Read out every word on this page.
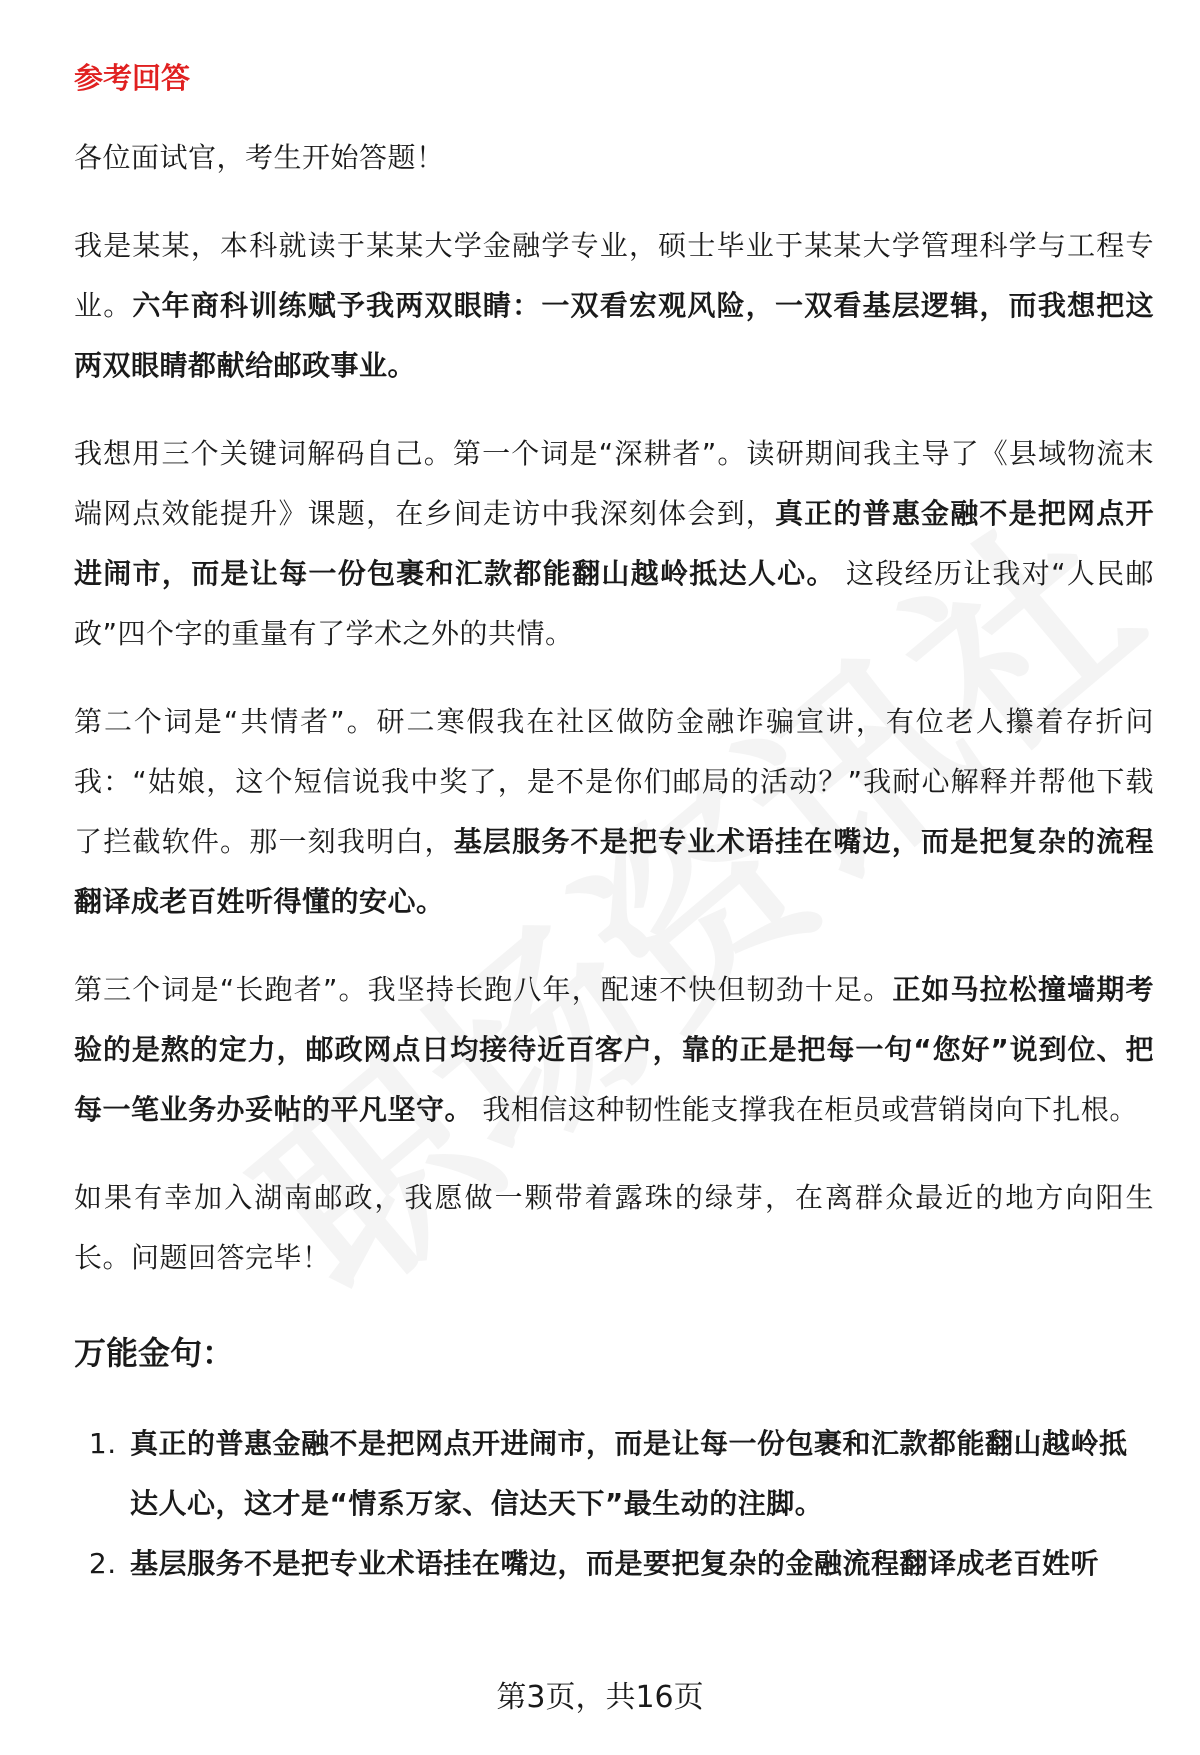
参考回答

各位面试官，考生开始答题！

我是某某，本科就读于某某大学金融学专业，硕士毕业于某某大学管理科学与工程专业。六年商科训练赋予我两双眼睛：一双看宏观风险，一双看基层逻辑，而我想把这两双眼睛都献给邮政事业。

我想用三个关键词解码自己。第一个词是“深耕者”。读研期间我主导了《县域物流末端网点效能提升》课题，在乡间走访中我深刻体会到，真正的普惠金融不是把网点开进闹市，而是让每一份包裹和汇款都能翻山越岭抵达人心。 这段经历让我对“人民邮政”四个字的重量有了学术之外的共情。

第二个词是“共情者”。研二寒假我在社区做防金融诈骗宣讲，有位老人攥着存折问我：“姑娘，这个短信说我中奖了，是不是你们邮局的活动？”我耐心解释并帮他下载了拦截软件。那一刻我明白，基层服务不是把专业术语挂在嘴边，而是把复杂的流程翻译成老百姓听得懂的安心。

第三个词是“长跑者”。我坚持长跑八年，配速不快但韧劲十足。正如马拉松撞墙期考验的是熬的定力，邮政网点日均接待近百客户，靠的正是把每一句“您好”说到位、把每一笔业务办妥帖的平凡坚守。 我相信这种韧性能支撑我在柜员或营销岗向下扎根。

如果有幸加入湖南邮政，我愿做一颗带着露珠的绿芽，在离群众最近的地方向阳生长。问题回答完毕！

万能金句：
1. 真正的普惠金融不是把网点开进闹市，而是让每一份包裹和汇款都能翻山越岭抵达人心，这才是“情系万家、信达天下”最生动的注脚。
2. 基层服务不是把专业术语挂在嘴边，而是要把复杂的金融流程翻译成老百姓听
第3页，共16页
